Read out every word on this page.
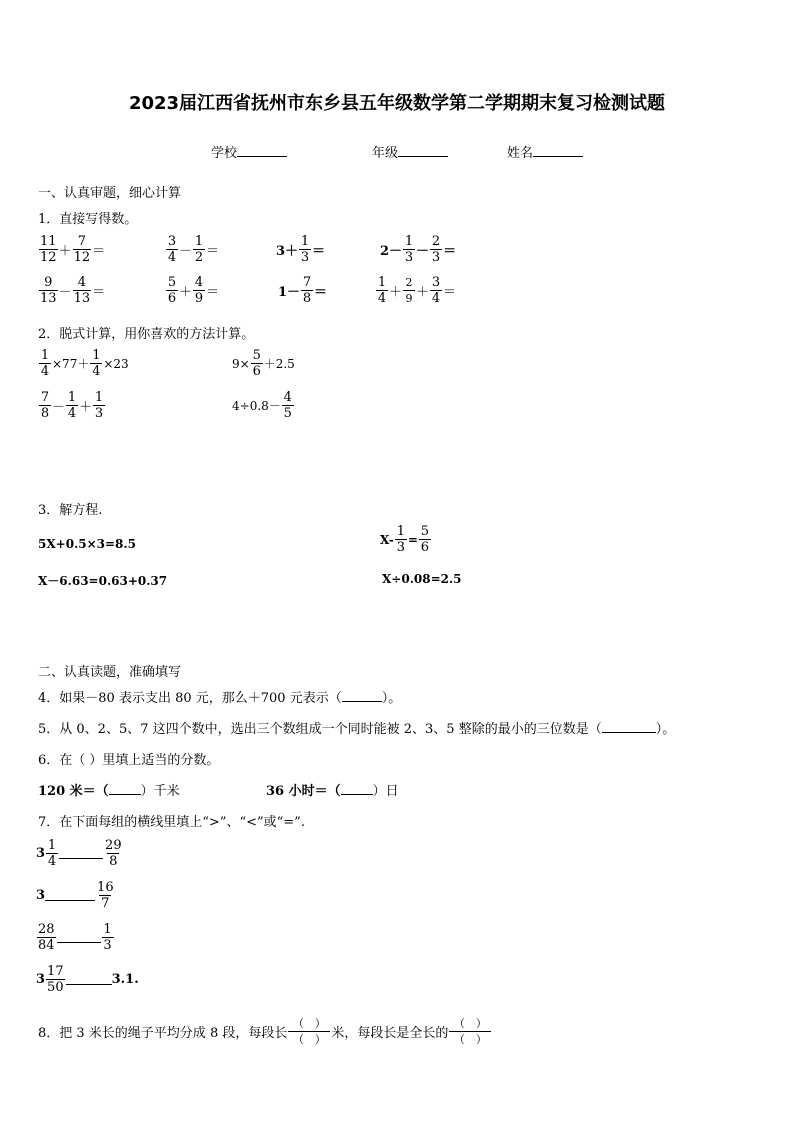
2023届江西省抚州市东乡县五年级数学第二学期期末复习检测试题
学校	年级	姓名
一、认真审题，细心计算
1．直接写得数。
$\frac{11}{12} + \frac{7}{12}$ ＝	$\frac{3}{4} - \frac{1}{2}$ ＝	$3+ \frac{1}{3}$ ＝	$2- \frac{1}{3} - \frac{2}{3}$ ＝
$\frac{9}{13} - \frac{4}{13}$ ＝	$\frac{5}{6} + \frac{4}{9}$ ＝	$1- \frac{7}{8}$ ＝	$\frac{1}{4} + \frac{2}{9} + \frac{3}{4}$ ＝
2．脱式计算，用你喜欢的方法计算。
$\frac{1}{4} \times 77+ \frac{1}{4} \times 23$	$9\times \frac{5}{6} +2.5$
$\frac{7}{8} - \frac{1}{4} + \frac{1}{3}$	$4\div 0.8- \frac{4}{5}$
3．解方程.
5X+0.5×3=8.5	$X- \frac{1}{3} = \frac{5}{6}$
X－6.63=0.63+0.37	X÷0.08=2.5
二、认真读题，准确填写
4．如果－80 表示支出 80 元，那么＋700 元表示（	）。
5．从 0、2、5、7 这四个数中，选出三个数组成一个同时能被 2、3、5 整除的最小的三位数是（	）。
6．在（ ）里填上适当的分数。
120 米＝（ ）千米	36 小时＝（ ）日
7．在下面每组的横线里填上“>”、“<”或“=”.
$3 \frac{1}{4}$	$\frac{29}{8}$
3	$\frac{16}{7}$
$\frac{28}{84}$	$\frac{1}{3}$
$3 \frac{17}{50}$	3.1.
8．把 3 米长的绳子平均分成 8 段，每段长 $\frac{( )}{( )}$ 米，每段长是全长的 $\frac{( )}{( )}$
